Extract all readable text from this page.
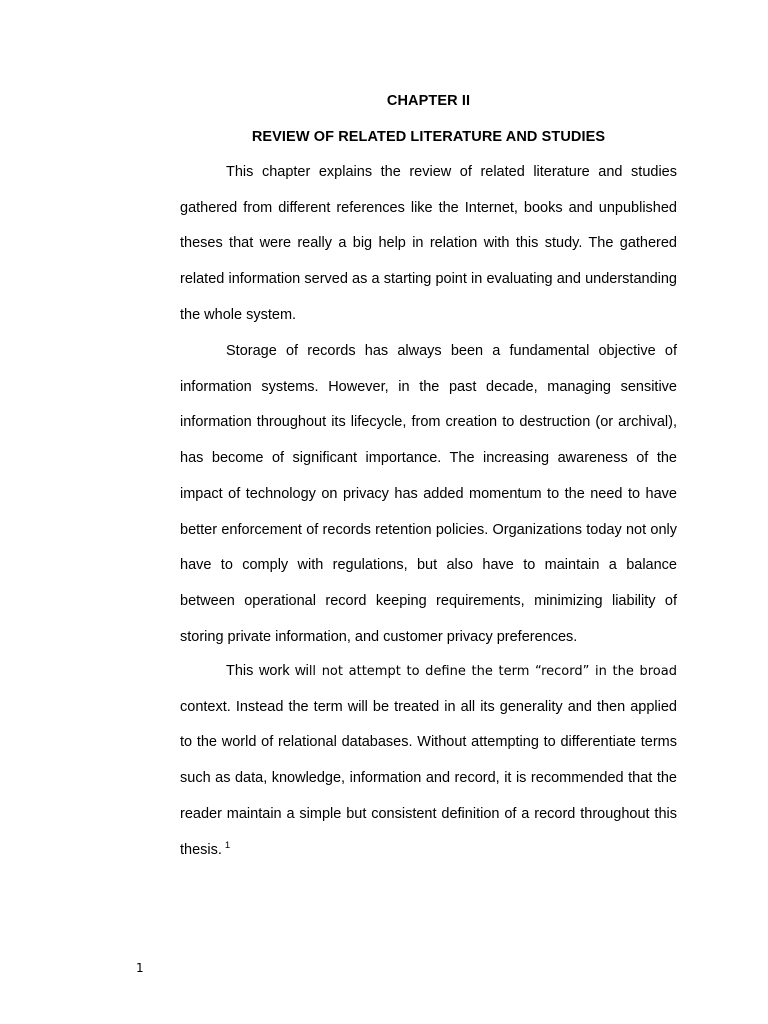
CHAPTER II
REVIEW OF RELATED LITERATURE AND STUDIES

This chapter explains the review of related literature and studies gathered from different references like the Internet, books and unpublished theses that were really a big help in relation with this study. The gathered related information served as a starting point in evaluating and understanding the whole system.

Storage of records has always been a fundamental objective of information systems. However, in the past decade, managing sensitive information throughout its lifecycle, from creation to destruction (or archival), has become of significant importance. The increasing awareness of the impact of technology on privacy has added momentum to the need to have better enforcement of records retention policies. Organizations today not only have to comply with regulations, but also have to maintain a balance between operational record keeping requirements, minimizing liability of storing private information, and customer privacy preferences.

This work will not attempt to define the term “record” in the broad context. Instead the term will be treated in all its generality and then applied to the world of relational databases. Without attempting to differentiate terms such as data, knowledge, information and record, it is recommended that the reader maintain a simple but consistent definition of a record throughout this thesis. $^1$

1
